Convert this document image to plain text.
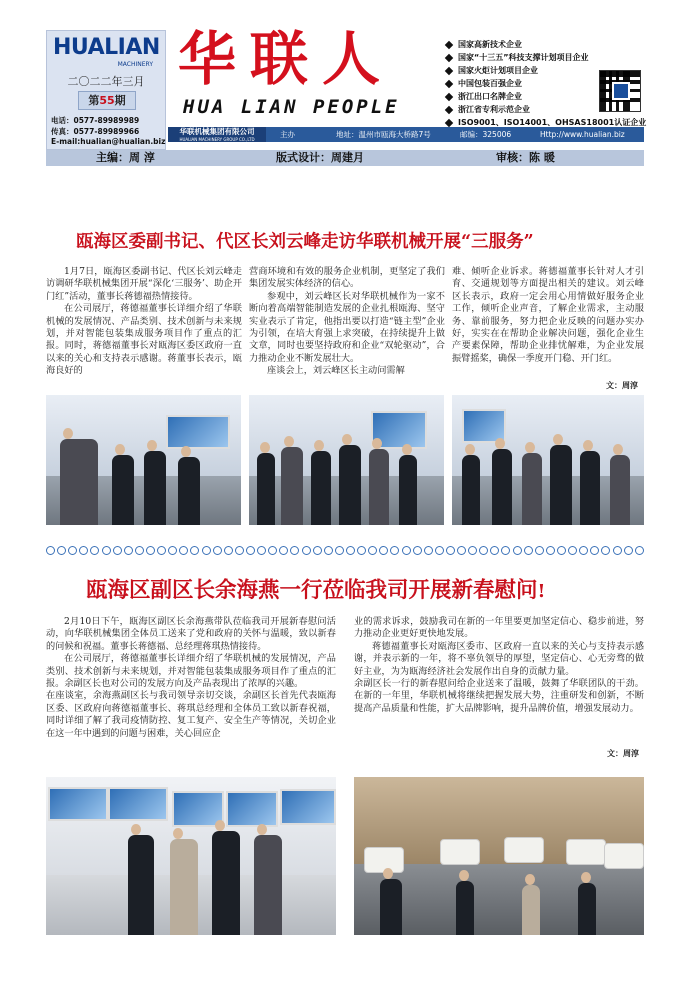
HUALIAN
MACHINERY
二〇二二年三月
第55期
电话：0577-89989989
传真：0577-89989966
E-mail:hualian@hualian.biz
华联人
HUA LIAN PEOPLE
国家高新技术企业
国家“十三五”科技支撑计划项目企业
国家火炬计划项目企业
中国包装百强企业
浙江出口名牌企业
浙江省专利示范企业
ISO9001、ISO14001、OHSAS18001认证企业
主办	地址：温州市瓯海大桥路7号	邮编：325006	Http://www.hualian.biz
华联机械集团有限公司
HUALIAN MACHINERY GROUP CO.,LTD
主编：周 淳	版式设计：周建月	审核：陈 暖
瓯海区委副书记、代区长刘云峰走访华联机械开展“三服务”

1月7日，瓯海区委副书记、代区长刘云峰走访调研华联机械集团开展“深化‘三服务’、助企开门红”活动，董事长蒋德福热情接待。

在公司展厅，蒋德福董事长详细介绍了华联机械的发展情况、产品类别、技术创新与未来规划，并对智能包装集成服务项目作了重点的汇报。同时，蒋德福董事长对瓯海区委区政府一直以来的关心和支持表示感谢。蒋董事长表示，瓯海良好的

营商环境和有效的服务企业机制，更坚定了我们集团发展实体经济的信心。

参观中，刘云峰区长对华联机械作为一家不断向着高端智能制造发展的企业扎根瓯海、坚守实业表示了肯定，他指出要以打造“链主型”企业为引领，在培大育强上求突破，在持续提升上做文章，同时也要坚持政府和企业“双轮驱动”，合力推动企业不断发展壮大。

座谈会上，刘云峰区长主动问需解

难、倾听企业诉求。蒋德福董事长针对人才引育、交通规划等方面提出相关的建议。刘云峰区长表示，政府一定会用心用情做好服务企业工作，倾听企业声音，了解企业需求，主动服务、靠前服务，努力把企业反映的问题办实办好，实实在在帮助企业解决问题，强化企业生产要素保障，帮助企业排忧解难，为企业发展振臂摇桨，确保一季度开门稳、开门红。

文：周淳
瓯海区副区长余海燕一行莅临我司开展新春慰问!

2月10日下午，瓯海区副区长余海燕带队莅临我司开展新春慰问活动，向华联机械集团全体员工送来了党和政府的关怀与温暖，致以新春的问候和祝福。董事长蒋德福、总经理蒋琪热情接待。

在公司展厅，蒋德福董事长详细介绍了华联机械的发展情况，产品类别、技术创新与未来规划，并对智能包装集成服务项目作了重点的汇报。余副区长也对公司的发展方向及产品表现出了浓厚的兴趣。

在座谈室，余海燕副区长与我司领导亲切交谈，余副区长首先代表瓯海区委、区政府向蒋德福董事长、蒋琪总经理和全体员工致以新春祝福，同时详细了解了我司疫情防控、复工复产、安全生产等情况，关切企业在这一年中遇到的问题与困难，关心回应企

业的需求诉求，鼓励我司在新的一年里要更加坚定信心、稳步前进，努力推动企业更好更快地发展。

蒋德福董事长对瓯海区委市、区政府一直以来的关心与支持表示感谢，并表示新的一年，将不辜负领导的厚望，坚定信心、心无旁骛的做好主业，为为瓯海经济社会发展作出自身的贡献力量。

余副区长一行的新春慰问给企业送来了温暖，鼓舞了华联团队的干劲。在新的一年里，华联机械将继续把握发展大势，注重研发和创新，不断提高产品质量和性能，扩大品牌影响，提升品牌价值，增强发展动力。

文：周淳
